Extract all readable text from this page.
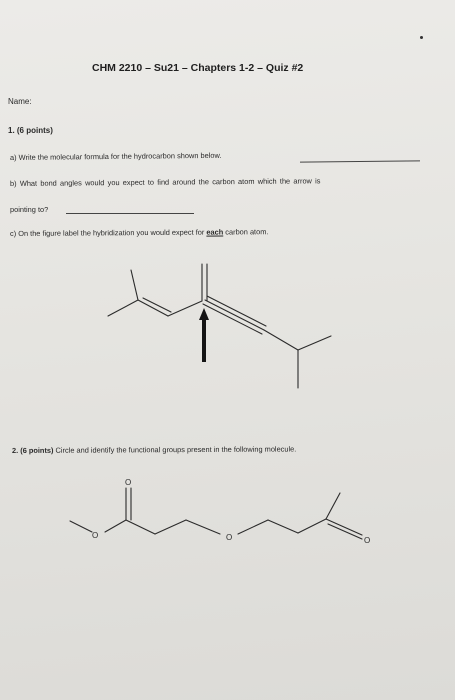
CHM 2210 – Su21 – Chapters 1-2 – Quiz #2
Name:
1. (6 points)
a) Write the molecular formula for the hydrocarbon shown below.
b) What bond angles would you expect to find around the carbon atom which the arrow is
pointing to?
c) On the figure label the hybridization you would expect for each carbon atom.
O
O
O	O
2. (6 points) Circle and identify the functional groups present in the following molecule.
